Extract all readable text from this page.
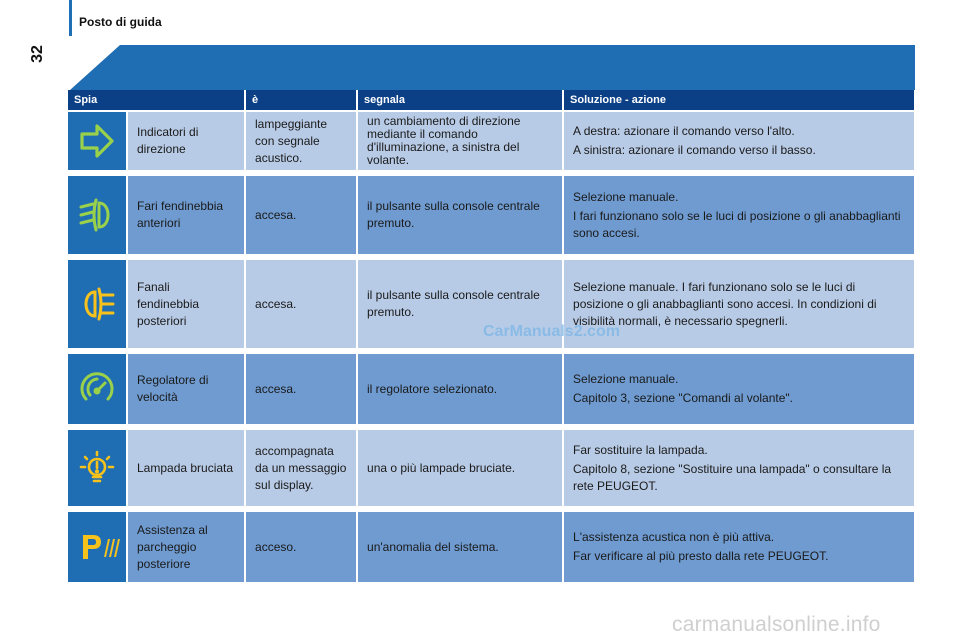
Posto di guida
32
Spia		è	segnala	Soluzione - azione

	Indicatori di direzione	lampeggiante con segnale acustico.	un cambiamento di direzione mediante il comando d'illuminazione, a sinistra del volante.	A destra: azionare il comando verso l'alto.

A sinistra: azionare il comando verso il basso.

	Fari fendinebbia anteriori	accesa.	il pulsante sulla console centrale premuto.	Selezione manuale.

I fari funzionano solo se le luci di posizione o gli anabbaglianti sono accesi.

	Fanali fendinebbia posteriori	accesa.	il pulsante sulla console centrale premuto.	Selezione manuale. I fari funzionano solo se le luci di posizione o gli anabbaglianti sono accesi. In condizioni di visibilità normali, è necessario spegnerli.

	Regolatore di velocità	accesa.	il regolatore selezionato.	Selezione manuale.

Capitolo 3, sezione "Comandi al volante".

	Lampada bruciata	accompagnata da un messaggio sul display.	una o più lampade bruciate.	Far sostituire la lampada.

Capitolo 8, sezione "Sostituire una lampada" o consultare la rete PEUGEOT.

	Assistenza al parcheggio posteriore	acceso.	un'anomalia del sistema.	L'assistenza acustica non è più attiva.

Far verificare al più presto dalla rete PEUGEOT.

CarManuals2.com
carmanualsonline.info
